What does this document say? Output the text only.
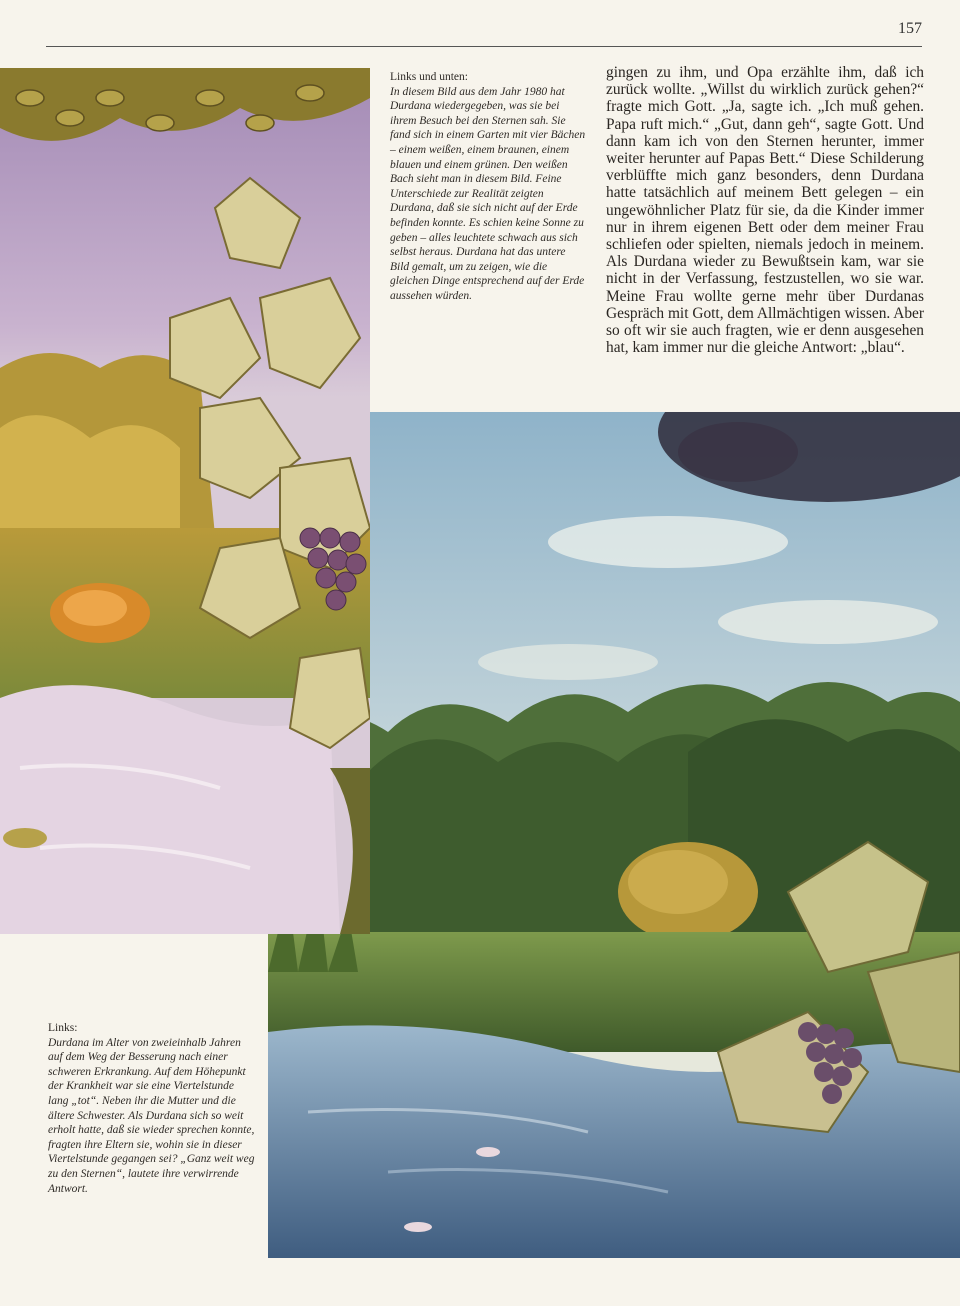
157
Links und unten:
In diesem Bild aus dem Jahr 1980 hat Durdana wiedergegeben, was sie bei ihrem Besuch bei den Sternen sah. Sie fand sich in einem Garten mit vier Bächen – einem weißen, einem braunen, einem blauen und einem grünen. Den weißen Bach sieht man in diesem Bild. Feine Unterschiede zur Realität zeigten Durdana, daß sie sich nicht auf der Erde befinden konnte. Es schien keine Sonne zu geben – alles leuchtete schwach aus sich selbst heraus. Durdana hat das untere Bild gemalt, um zu zeigen, wie die gleichen Dinge entsprechend auf der Erde aussehen würden.
gingen zu ihm, und Opa erzählte ihm, daß ich zurück wollte. „Willst du wirklich zurück gehen?“ fragte mich Gott. „Ja, sagte ich. „Ich muß gehen. Papa ruft mich.“ „Gut, dann geh“, sagte Gott. Und dann kam ich von den Sternen herunter, immer weiter herunter auf Papas Bett.“ Diese Schilderung verblüffte mich ganz besonders, denn Durdana hatte tatsächlich auf meinem Bett gelegen – ein ungewöhnlicher Platz für sie, da die Kinder immer nur in ihrem eigenen Bett oder dem meiner Frau schliefen oder spielten, niemals jedoch in meinem. Als Durdana wieder zu Bewußtsein kam, war sie nicht in der Verfassung, festzustellen, wo sie war. Meine Frau wollte gerne mehr über Durdanas Gespräch mit Gott, dem Allmächtigen wissen. Aber so oft wir sie auch fragten, wie er denn ausgesehen hat, kam immer nur die gleiche Antwort: „blau“.
Links:
Durdana im Alter von zweieinhalb Jahren auf dem Weg der Besserung nach einer schweren Erkrankung. Auf dem Höhepunkt der Krankheit war sie eine Viertelstunde lang „tot“. Neben ihr die Mutter und die ältere Schwester. Als Durdana sich so weit erholt hatte, daß sie wieder sprechen konnte, fragten ihre Eltern sie, wohin sie in dieser Viertelstunde gegangen sei? „Ganz weit weg zu den Sternen“, lautete ihre verwirrende Antwort.
